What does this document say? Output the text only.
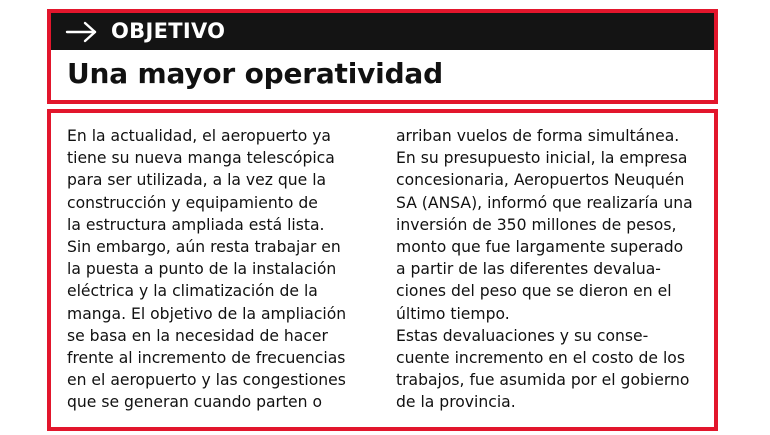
OBJETIVO
Una mayor operatividad

En la actualidad, el aeropuerto ya
tiene su nueva manga telescópica
para ser utilizada, a la vez que la
construcción y equipamiento de
la estructura ampliada está lista.
Sin embargo, aún resta trabajar en
la puesta a punto de la instalación
eléctrica y la climatización de la
manga. El objetivo de la ampliación
se basa en la necesidad de hacer
frente al incremento de frecuencias
en el aeropuerto y las congestiones
que se generan cuando parten o

arriban vuelos de forma simultánea.
En su presupuesto inicial, la empresa
concesionaria, Aeropuertos Neuquén
SA (ANSA), informó que realizaría una
inversión de 350 millones de pesos,
monto que fue largamente superado
a partir de las diferentes devalua-
ciones del peso que se dieron en el
último tiempo.
Estas devaluaciones y su conse-
cuente incremento en el costo de los
trabajos, fue asumida por el gobierno
de la provincia.
